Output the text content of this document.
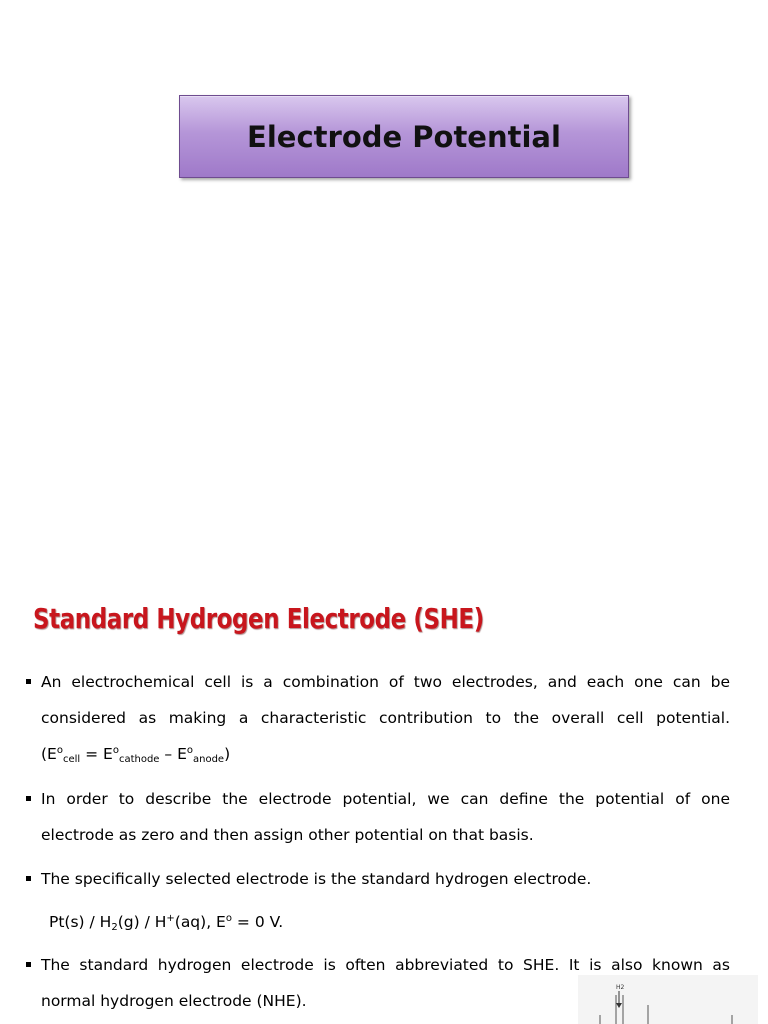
Electrode Potential
Standard Hydrogen Electrode (SHE)
An electrochemical cell is a combination of two electrodes, and each one can be
considered as making a characteristic contribution to the overall cell potential.
$(E^o_{cell} = E^o_{cathode} - E^o_{anode})$
In order to describe the electrode potential, we can define the potential of one
electrode as zero and then assign other potential on that basis.
The specifically selected electrode is the standard hydrogen electrode.
$Pt(s) / H_2(g) / H^+(aq)$, $E^o = 0$ V.
The standard hydrogen electrode is often abbreviated to SHE. It is also known as
normal hydrogen electrode (NHE).
H2
